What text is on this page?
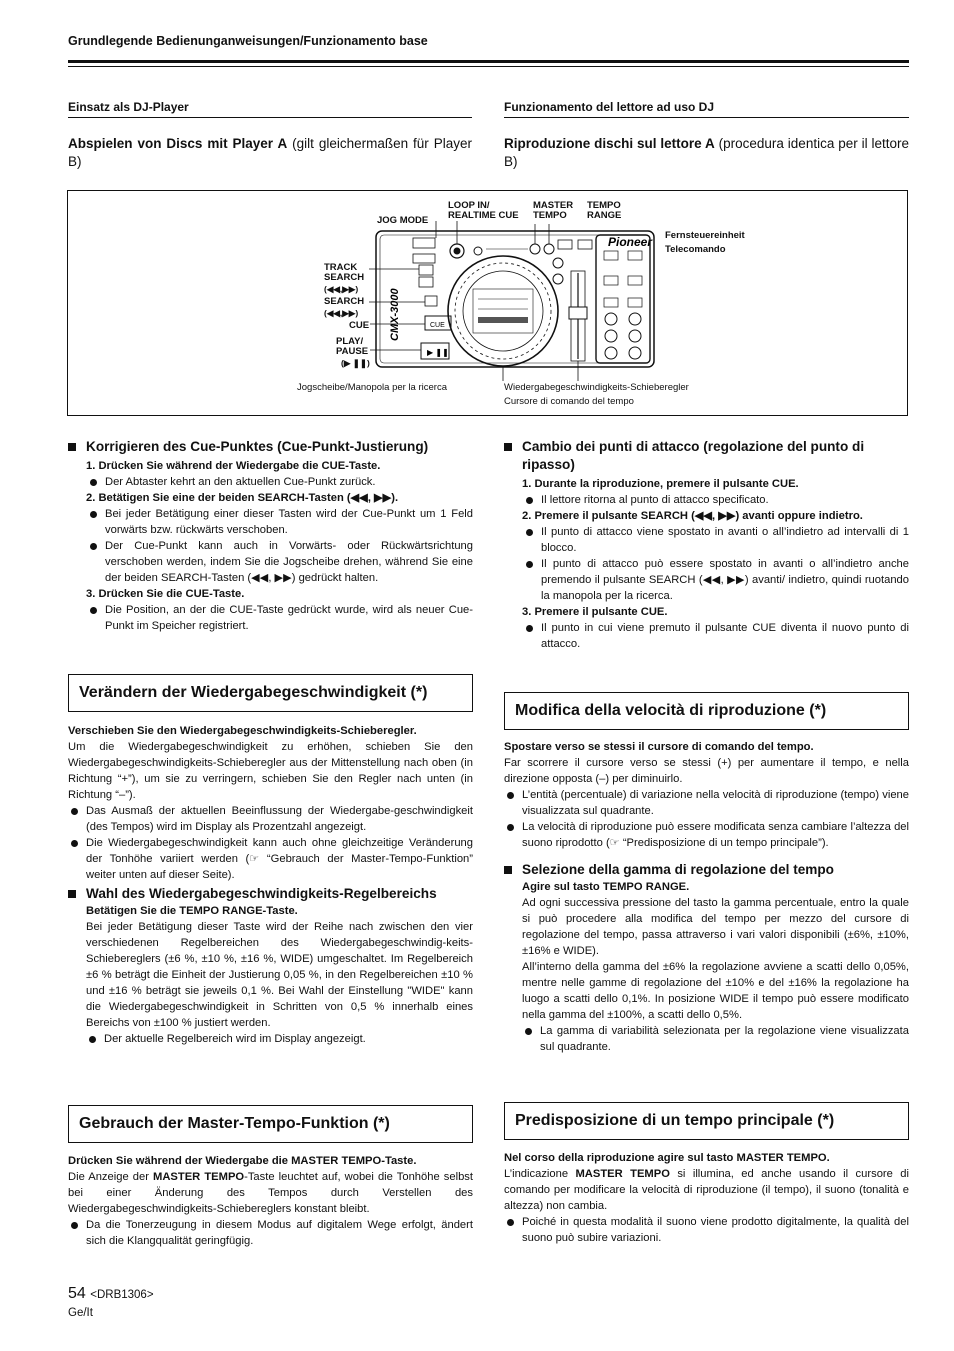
Grundlegende Bedienunganweisungen/Funzionamento base
Einsatz als DJ-Player	Funzionamento del lettore ad uso DJ
Abspielen von Discs mit Player A (gilt gleichermaßen für Player B)
Riproduzione dischi sul lettore A (procedura identica per il lettore B)
Pioneer
CUE
▶ ❚❚
CMX-3000
JOG MODE
LOOP IN/
REALTIME CUE
MASTER
TEMPO
TEMPO
RANGE
TRACK
SEARCH
(◀◀,▶▶)
SEARCH
(◀◀,▶▶)
CUE
PLAY/
PAUSE
(▶ ❚❚)
Fernsteuereinheit
Telecomando
Jogscheibe/Manopola per la ricerca	Wiedergabegeschwindigkeits-Schieberegler
Cursore di comando del tempo
Korrigieren des Cue-Punktes (Cue-Punkt-Justierung)
1. Drücken Sie während der Wiedergabe die CUE-Taste.
Der Abtaster kehrt an den aktuellen Cue-Punkt zurück.
2. Betätigen Sie eine der beiden SEARCH-Tasten (◀◀, ▶▶).
Bei jeder Betätigung einer dieser Tasten wird der Cue-Punkt um 1 Feld vorwärts bzw. rückwärts verschoben.
Der Cue-Punkt kann auch in Vorwärts- oder Rückwärtsrichtung verschoben werden, indem Sie die Jogscheibe drehen, während Sie eine der beiden SEARCH-Tasten (◀◀, ▶▶) gedrückt halten.
3. Drücken Sie die CUE-Taste.
Die Position, an der die CUE-Taste gedrückt wurde, wird als neuer Cue-Punkt im Speicher registriert.
Verändern der Wiedergabegeschwindigkeit (*)

Verschieben Sie den Wiedergabegeschwindigkeits-Schieberegler.

Um die Wiedergabegeschwindigkeit zu erhöhen, schieben Sie den Wiedergabegeschwindigkeits-Schieberegler aus der Mittenstellung nach oben (in Richtung “+”), um sie zu verringern, schieben Sie den Regler nach unten (in Richtung “–”).

Das Ausmaß der aktuellen Beeinflussung der Wiedergabe-geschwindigkeit (des Tempos) wird im Display als Prozentzahl angezeigt.
Die Wiedergabegeschwindigkeit kann auch ohne gleichzeitige Veränderung der Tonhöhe variiert werden (☞ “Gebrauch der Master-Tempo-Funktion” weiter unten auf dieser Seite).
Wahl des Wiedergabegeschwindigkeits-Regelbereichs
Betätigen Sie die TEMPO RANGE-Taste.

Bei jeder Betätigung dieser Taste wird der Reihe nach zwischen den vier verschiedenen Regelbereichen des Wiedergabegeschwindig-keits-Schiebereglers (±6 %, ±10 %, ±16 %, WIDE) umgeschaltet. Im Regelbereich ±6 % beträgt die Einheit der Justierung 0,05 %, in den Regelbereichen ±10 % und ±16 % beträgt sie jeweils 0,1 %. Bei Wahl der Einstellung "WIDE" kann die Wiedergabegeschwindigkeit in Schritten von 0,5 % innerhalb eines Bereichs von ±100 % justiert werden.

Der aktuelle Regelbereich wird im Display angezeigt.
Gebrauch der Master-Tempo-Funktion (*)

Drücken Sie während der Wiedergabe die MASTER TEMPO-Taste.

Die Anzeige der MASTER TEMPO-Taste leuchtet auf, wobei die Tonhöhe selbst bei einer Änderung des Tempos durch Verstellen des Wiedergabegeschwindigkeits-Schiebereglers konstant bleibt.

Da die Tonerzeugung in diesem Modus auf digitalem Wege erfolgt, ändert sich die Klangqualität geringfügig.
Cambio dei punti di attacco (regolazione del punto di ripasso)
1. Durante la riproduzione, premere il pulsante CUE.
Il lettore ritorna al punto di attacco specificato.
2. Premere il pulsante SEARCH (◀◀, ▶▶) avanti oppure indietro.
Il punto di attacco viene spostato in avanti o all’indietro ad intervalli di 1 blocco.
Il punto di attacco può essere spostato in avanti o all’indietro anche premendo il pulsante SEARCH (◀◀, ▶▶) avanti/ indietro, quindi ruotando la manopola per la ricerca.
3. Premere il pulsante CUE.
Il punto in cui viene premuto il pulsante CUE diventa il nuovo punto di attacco.
Modifica della velocità di riproduzione (*)

Spostare verso se stessi il cursore di comando del tempo.

Far scorrere il cursore verso se stessi (+) per aumentare il tempo, e nella direzione opposta (–) per diminuirlo.

L’entità (percentuale) di variazione nella velocità di riproduzione (tempo) viene visualizzata sul quadrante.
La velocità di riproduzione può essere modificata senza cambiare l’altezza del suono riprodotto (☞ “Predisposizione di un tempo principale”).
Selezione della gamma di regolazione del tempo
Agire sul tasto TEMPO RANGE.

Ad ogni successiva pressione del tasto la gamma percentuale, entro la quale si può procedere alla modifica del tempo per mezzo del cursore di regolazione del tempo, passa attraverso i vari valori disponibili (±6%, ±10%, ±16% e WIDE).

All’interno della gamma del ±6% la regolazione avviene a scatti dello 0,05%, mentre nelle gamme di regolazione del ±10% e del ±16% la regolazione ha luogo a scatti dello 0,1%. In posizione WIDE il tempo può essere modificato nella gamma del ±100%, a scatti dello 0,5%.

La gamma di variabilità selezionata per la regolazione viene visualizzata sul quadrante.
Predisposizione di un tempo principale (*)

Nel corso della riproduzione agire sul tasto MASTER TEMPO.

L’indicazione MASTER TEMPO si illumina, ed anche usando il cursore di comando per modificare la velocità di riproduzione (il tempo), il suono (tonalità e altezza) non cambia.

Poiché in questa modalità il suono viene prodotto digitalmente, la qualità del suono può subire variazioni.
54 <DRB1306>
Ge/It
